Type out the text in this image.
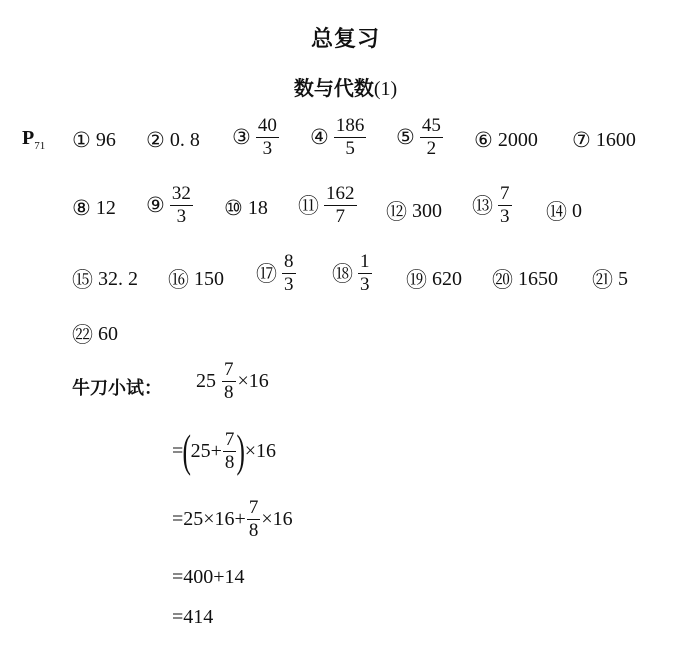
总复习
数与代数(1)
$P_{71}$ ① 96 ② 0. 8 ③ $\frac{40}{3}$ ④ $\frac{186}{5}$ ⑤ $\frac{45}{2}$ ⑥ 2000 ⑦ 1600
⑧ 12 ⑨ $\frac{32}{3}$ ⑩ 18 ⑪ $\frac{162}{7}$ ⑫ 300 ⑬ $\frac{7}{3}$ ⑭ 0
⑮ 32. 2 ⑯ 150 ⑰ $\frac{8}{3}$ ⑱ $\frac{1}{3}$ ⑲ 620 ⑳ 1650 ㉑ 5
㉒ 60
牛刀小试： $25 \frac{7}{8} \times 16$
= ( $25+ \frac{7}{8}$ ) ×16
$=25\times 16+ \frac{7}{8} \times 16$
=400+14
=414
